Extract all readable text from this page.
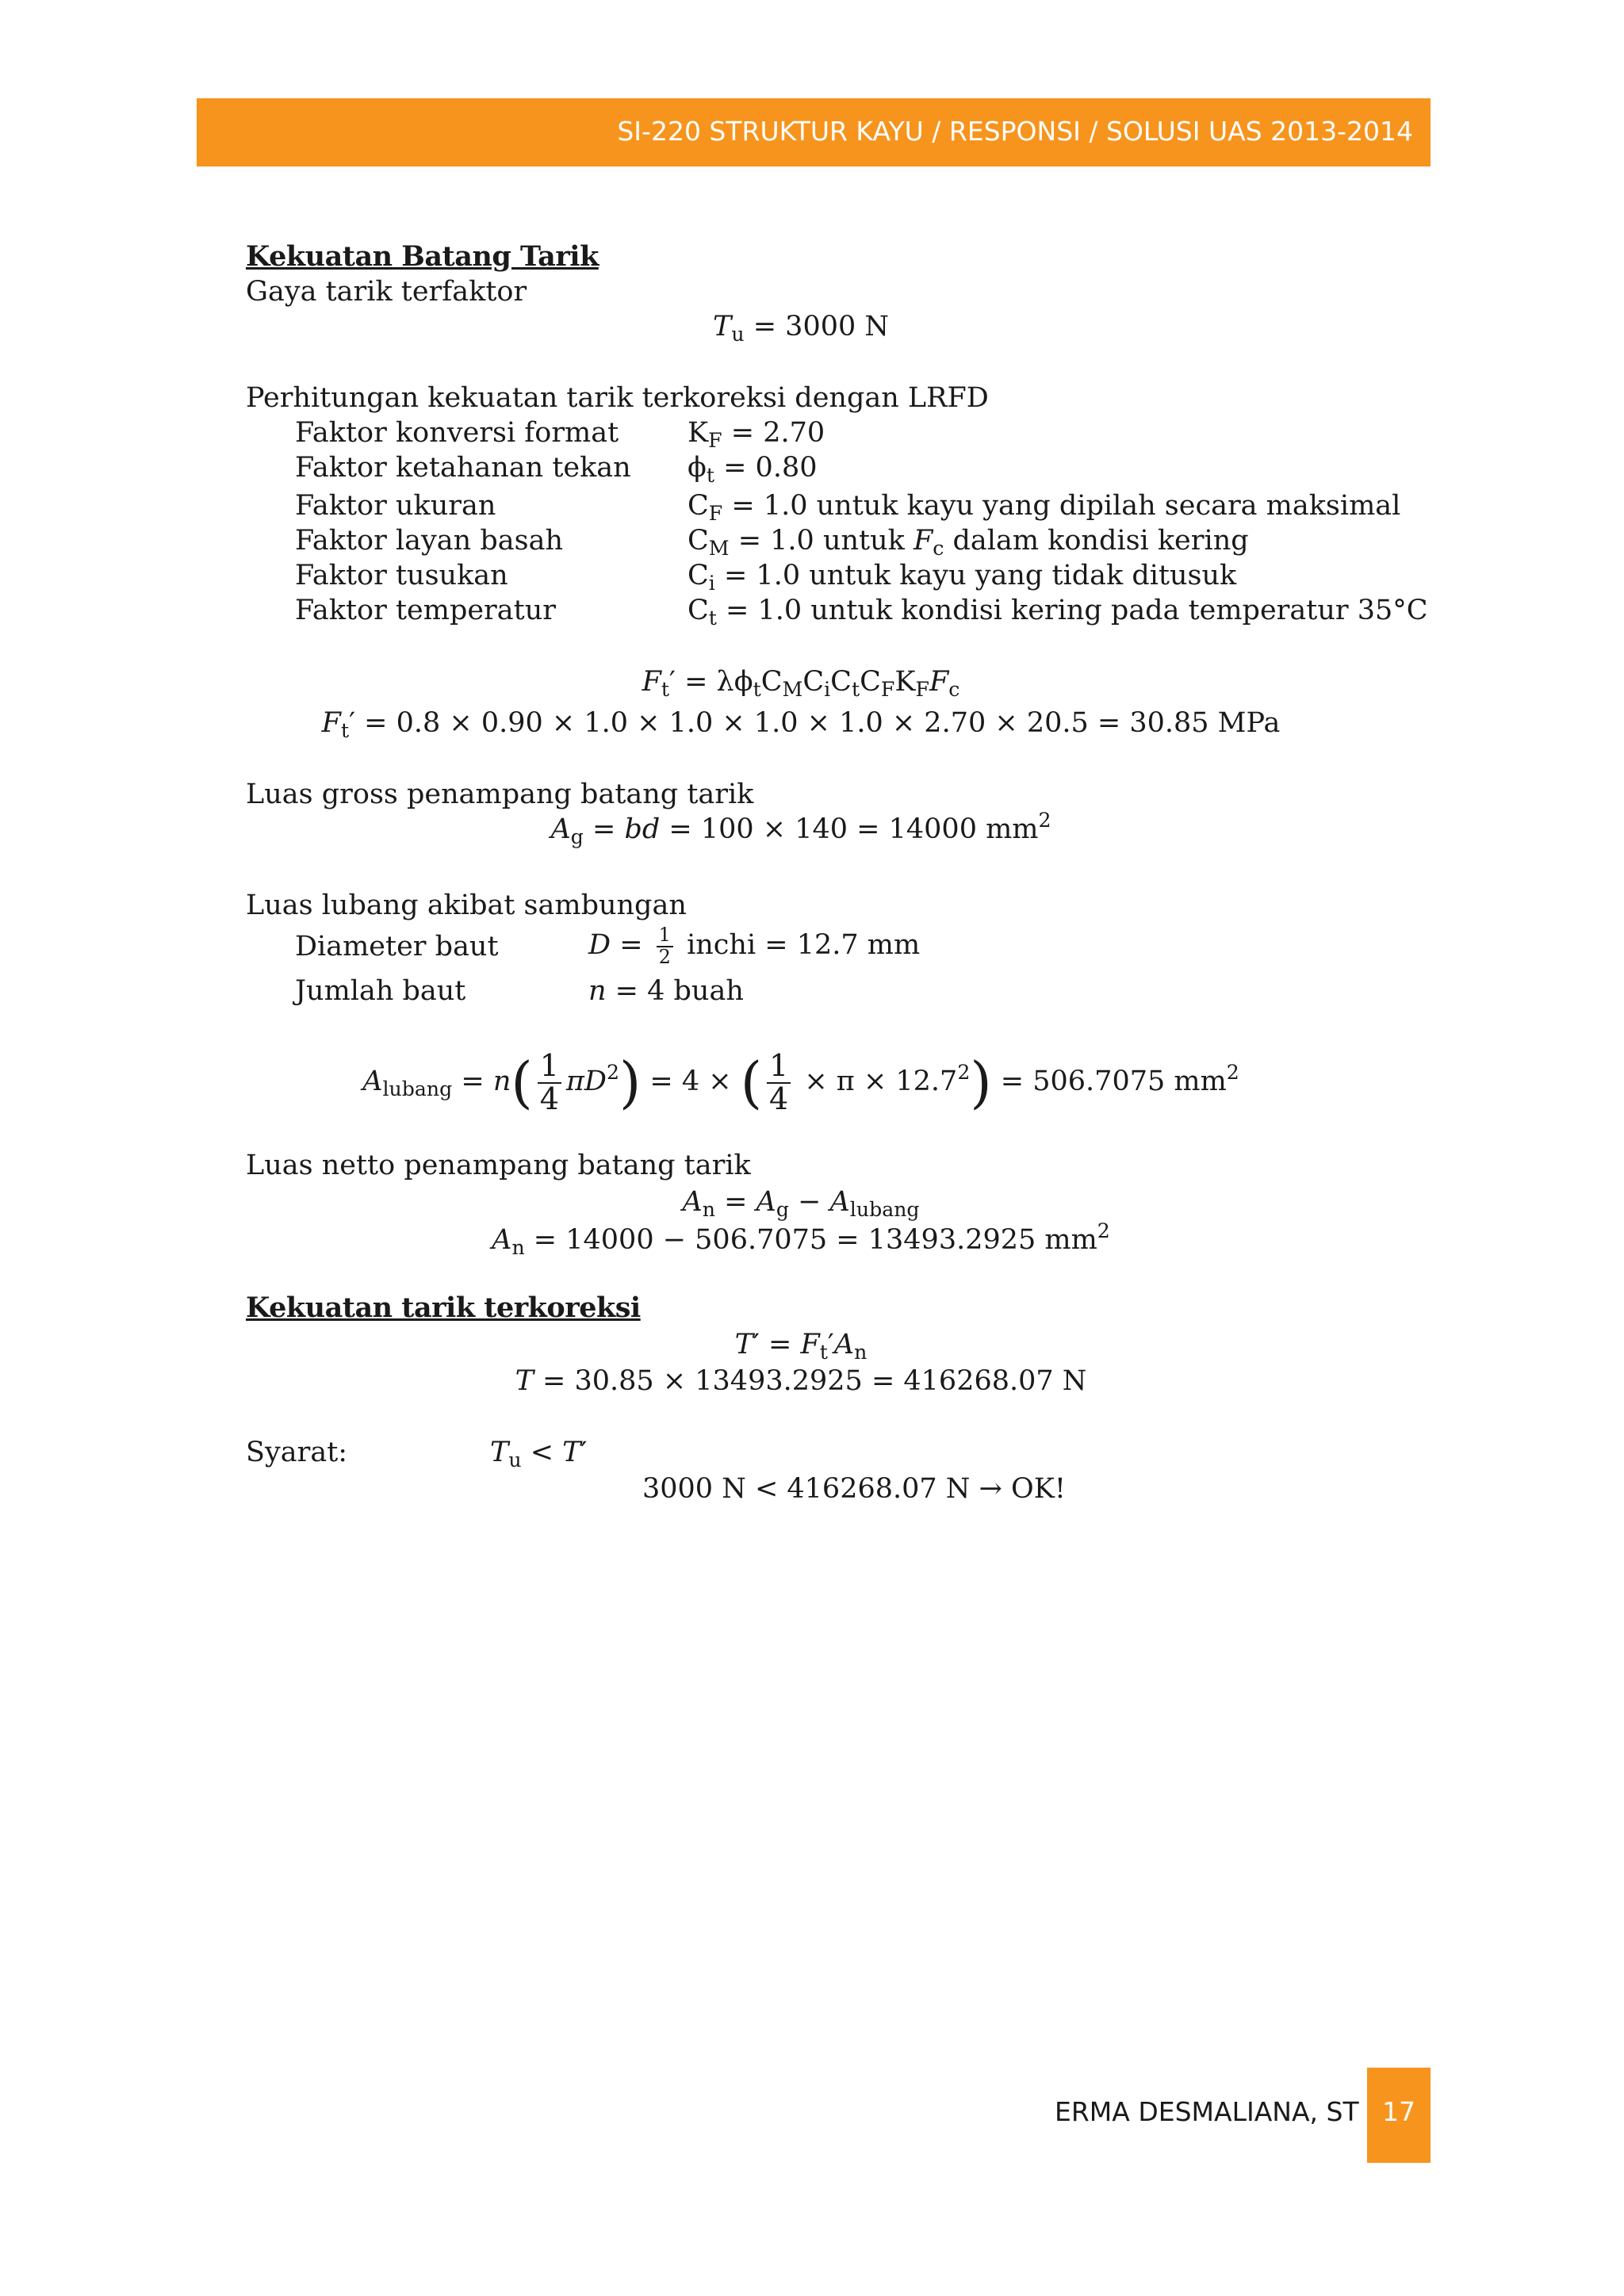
SI-220 STRUKTUR KAYU / RESPONSI / SOLUSI UAS 2013-2014
Kekuatan Batang Tarik
Gaya tarik terfaktor
$T_u = 3000$ N
Perhitungan kekuatan tarik terkoreksi dengan LRFD
Faktor konversi format $K_F = 2.70$
Faktor ketahanan tekan $\phi_t = 0.80$
Faktor ukuran	$C_F = 1.0$ untuk kayu yang dipilah secara maksimal
Faktor layan basah	$C_M = 1.0$ untuk $F_c$ dalam kondisi kering
Faktor tusukan	$C_i = 1.0$ untuk kayu yang tidak ditusuk
Faktor temperatur	$C_t = 1.0$ untuk kondisi kering pada temperatur 35°C
$F_t' = \lambda\phi_tC_MC_iC_tC_FK_FF_c$
$F_t' = 0.8 \times 0.90 \times 1.0 \times 1.0 \times 1.0 \times 1.0 \times 2.70 \times 20.5 = 30.85$ MPa
Luas gross penampang batang tarik
$A_g$ = bd = 100 × 140 = 14000 $mm^2$
Luas lubang akibat sambungan
Diameter baut	$D = \frac{1}{2}$ inchi = 12.7 mm
Jumlah baut	n = 4 buah
$A_{lubang} = n( \frac{1}{4} \pi D^2) = 4$ × ( $\frac{1}{4} \times \pi \times 12.7^2) = 506.7075$ $mm^2$
Luas netto penampang batang tarik
$A_n = A_g - A_{lubang}$
$A_n = 14000 - 506.7075 = 13493.2925$ $mm^2$
Kekuatan tarik terkoreksi
$T' = F_t'A_n$
T = 30.85 × 13493.2925 = 416268.07 N
Syarat:	$T_u < T'$
3000 N < 416268.07 N → OK!
ERMA DESMALIANA, ST 17
